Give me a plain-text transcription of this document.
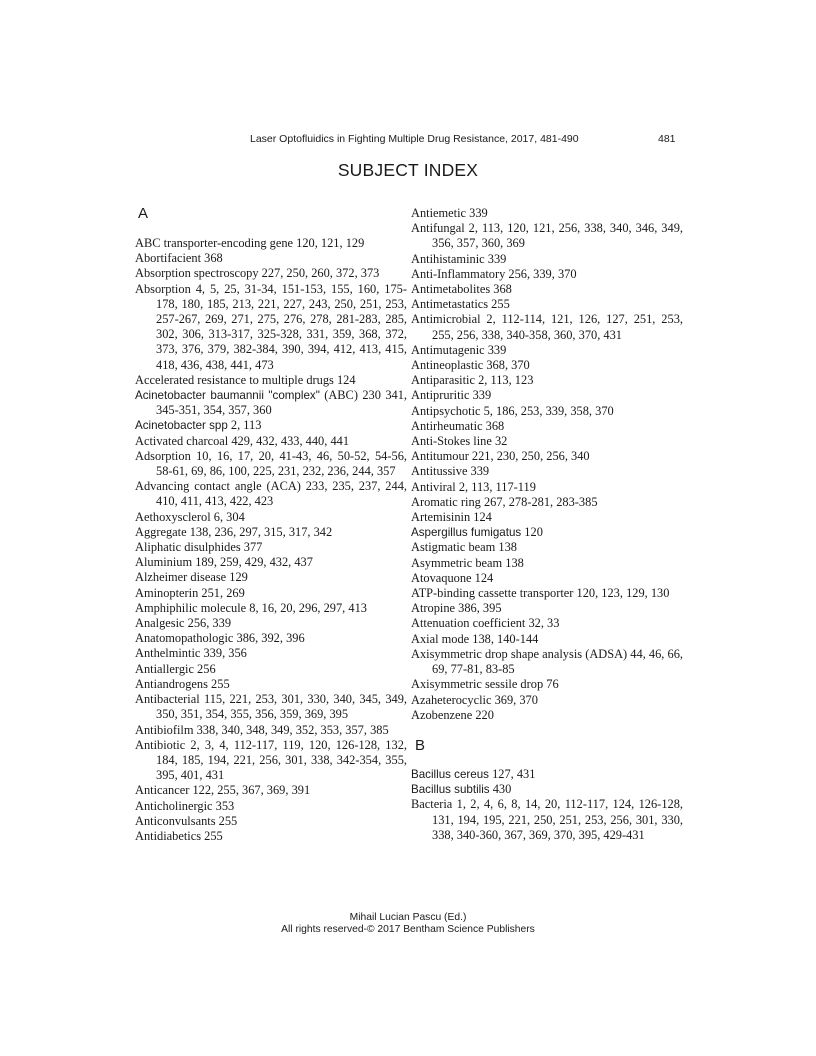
Laser Optofluidics in Fighting Multiple Drug Resistance, 2017, 481-490	481
SUBJECT INDEX

A

ABC transporter-encoding gene 120, 121, 129

Abortifacient 368

Absorption spectroscopy 227, 250, 260, 372, 373

Absorption 4, 5, 25, 31-34, 151-153, 155, 160, 175-178, 180, 185, 213, 221, 227, 243, 250, 251, 253, 257-267, 269, 271, 275, 276, 278, 281-283, 285, 302, 306, 313-317, 325-328, 331, 359, 368, 372, 373, 376, 379, 382-384, 390, 394, 412, 413, 415, 418, 436, 438, 441, 473

Accelerated resistance to multiple drugs 124

Acinetobacter baumannii "complex" (ABC) 230 341, 345-351, 354, 357, 360

Acinetobacter spp 2, 113

Activated charcoal 429, 432, 433, 440, 441

Adsorption 10, 16, 17, 20, 41-43, 46, 50-52, 54-56, 58-61, 69, 86, 100, 225, 231, 232, 236, 244, 357

Advancing contact angle (ACA) 233, 235, 237, 244, 410, 411, 413, 422, 423

Aethoxysclerol 6, 304

Aggregate 138, 236, 297, 315, 317, 342

Aliphatic disulphides 377

Aluminium 189, 259, 429, 432, 437

Alzheimer disease 129

Aminopterin 251, 269

Amphiphilic molecule 8, 16, 20, 296, 297, 413

Analgesic 256, 339

Anatomopathologic 386, 392, 396

Anthelmintic 339, 356

Antiallergic 256

Antiandrogens 255

Antibacterial 115, 221, 253, 301, 330, 340, 345, 349, 350, 351, 354, 355, 356, 359, 369, 395

Antibiofilm 338, 340, 348, 349, 352, 353, 357, 385

Antibiotic 2, 3, 4, 112-117, 119, 120, 126-128, 132, 184, 185, 194, 221, 256, 301, 338, 342-354, 355, 395, 401, 431

Anticancer 122, 255, 367, 369, 391

Anticholinergic 353

Anticonvulsants 255

Antidiabetics 255

Antiemetic 339

Antifungal 2, 113, 120, 121, 256, 338, 340, 346, 349, 356, 357, 360, 369

Antihistaminic 339

Anti-Inflammatory 256, 339, 370

Antimetabolites 368

Antimetastatics 255

Antimicrobial 2, 112-114, 121, 126, 127, 251, 253, 255, 256, 338, 340-358, 360, 370, 431

Antimutagenic 339

Antineoplastic 368, 370

Antiparasitic 2, 113, 123

Antipruritic 339

Antipsychotic 5, 186, 253, 339, 358, 370

Antirheumatic 368

Anti-Stokes line 32

Antitumour 221, 230, 250, 256, 340

Antitussive 339

Antiviral 2, 113, 117-119

Aromatic ring 267, 278-281, 283-385

Artemisinin 124

Aspergillus fumigatus 120

Astigmatic beam 138

Asymmetric beam 138

Atovaquone 124

ATP-binding cassette transporter 120, 123, 129, 130

Atropine 386, 395

Attenuation coefficient 32, 33

Axial mode 138, 140-144

Axisymmetric drop shape analysis (ADSA) 44, 46, 66, 69, 77-81, 83-85

Axisymmetric sessile drop 76

Azaheterocyclic 369, 370

Azobenzene 220

B

Bacillus cereus 127, 431

Bacillus subtilis 430

Bacteria 1, 2, 4, 6, 8, 14, 20, 112-117, 124, 126-128, 131, 194, 195, 221, 250, 251, 253, 256, 301, 330, 338, 340-360, 367, 369, 370, 395, 429-431

Mihail Lucian Pascu (Ed.)
All rights reserved-© 2017 Bentham Science Publishers
